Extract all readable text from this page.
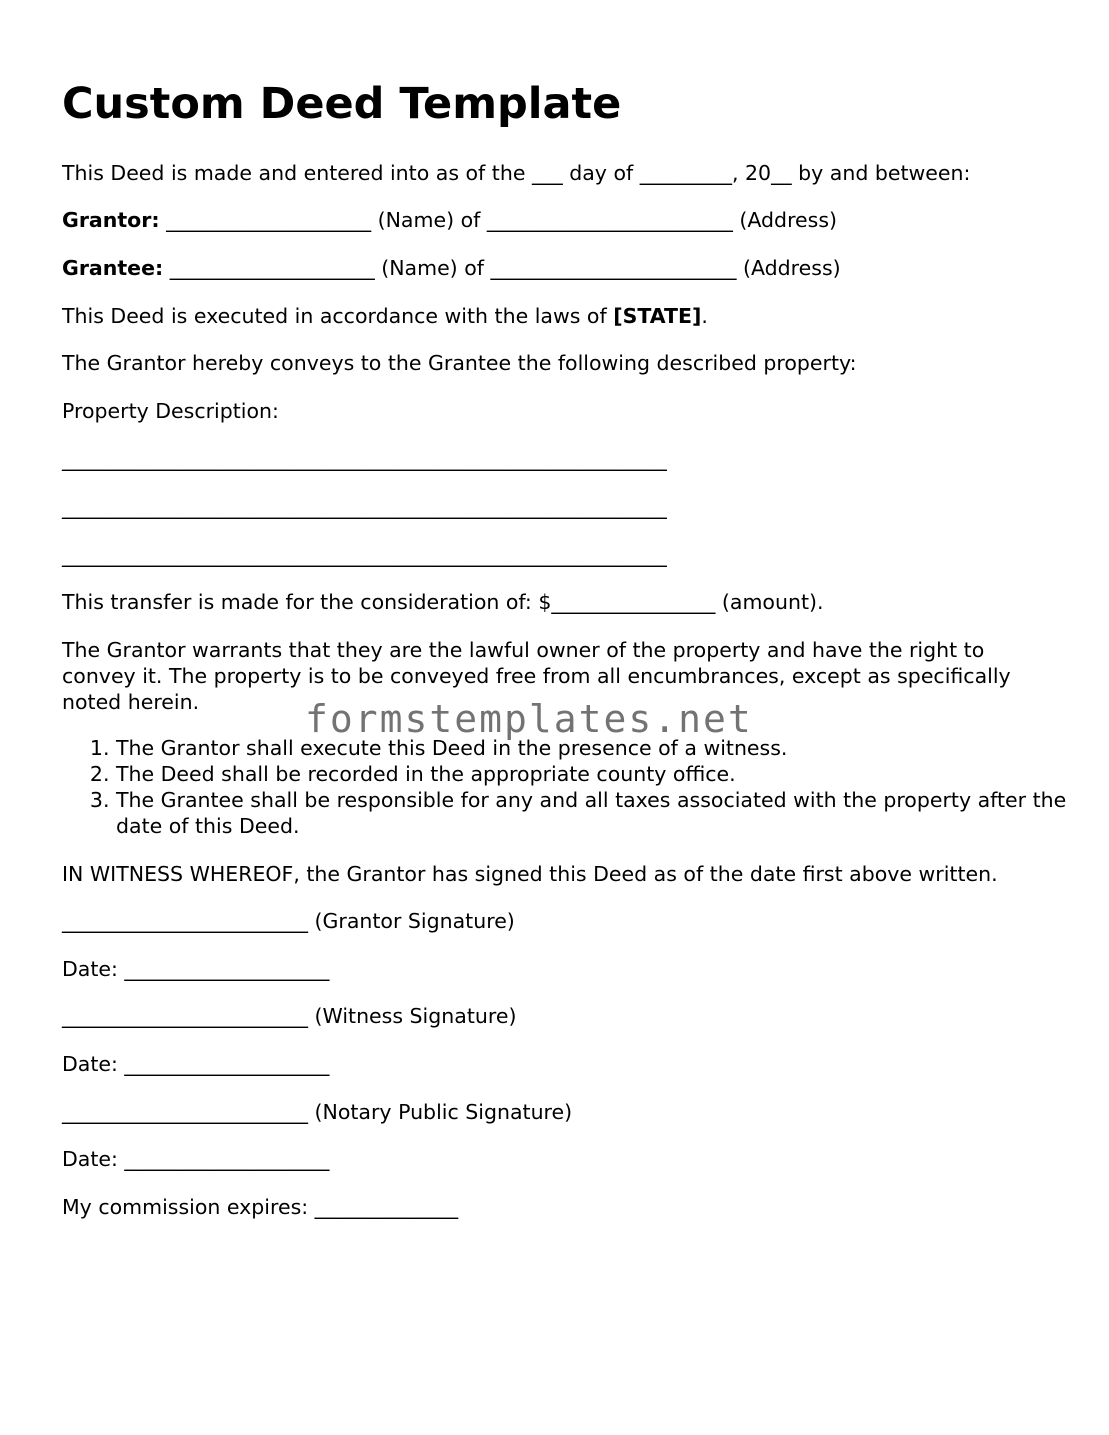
Custom Deed Template

This Deed is made and entered into as of the ___ day of _________, 20__ by and between:

Grantor: ____________________ (Name) of ________________________ (Address)

Grantee: ____________________ (Name) of ________________________ (Address)

This Deed is executed in accordance with the laws of [STATE].

The Grantor hereby conveys to the Grantee the following described property:

Property Description:

___________________________________________________________

___________________________________________________________

___________________________________________________________

This transfer is made for the consideration of: $________________ (amount).

The Grantor warrants that they are the lawful owner of the property and have the right to convey it. The property is to be conveyed free from all encumbrances, except as specifically noted herein.

1. The Grantor shall execute this Deed in the presence of a witness.
2. The Deed shall be recorded in the appropriate county office.
3. The Grantee shall be responsible for any and all taxes associated with the property after the date of this Deed.

IN WITNESS WHEREOF, the Grantor has signed this Deed as of the date first above written.

________________________ (Grantor Signature)

Date: ____________________

________________________ (Witness Signature)

Date: ____________________

________________________ (Notary Public Signature)

Date: ____________________

My commission expires: ______________

formstemplates.net
